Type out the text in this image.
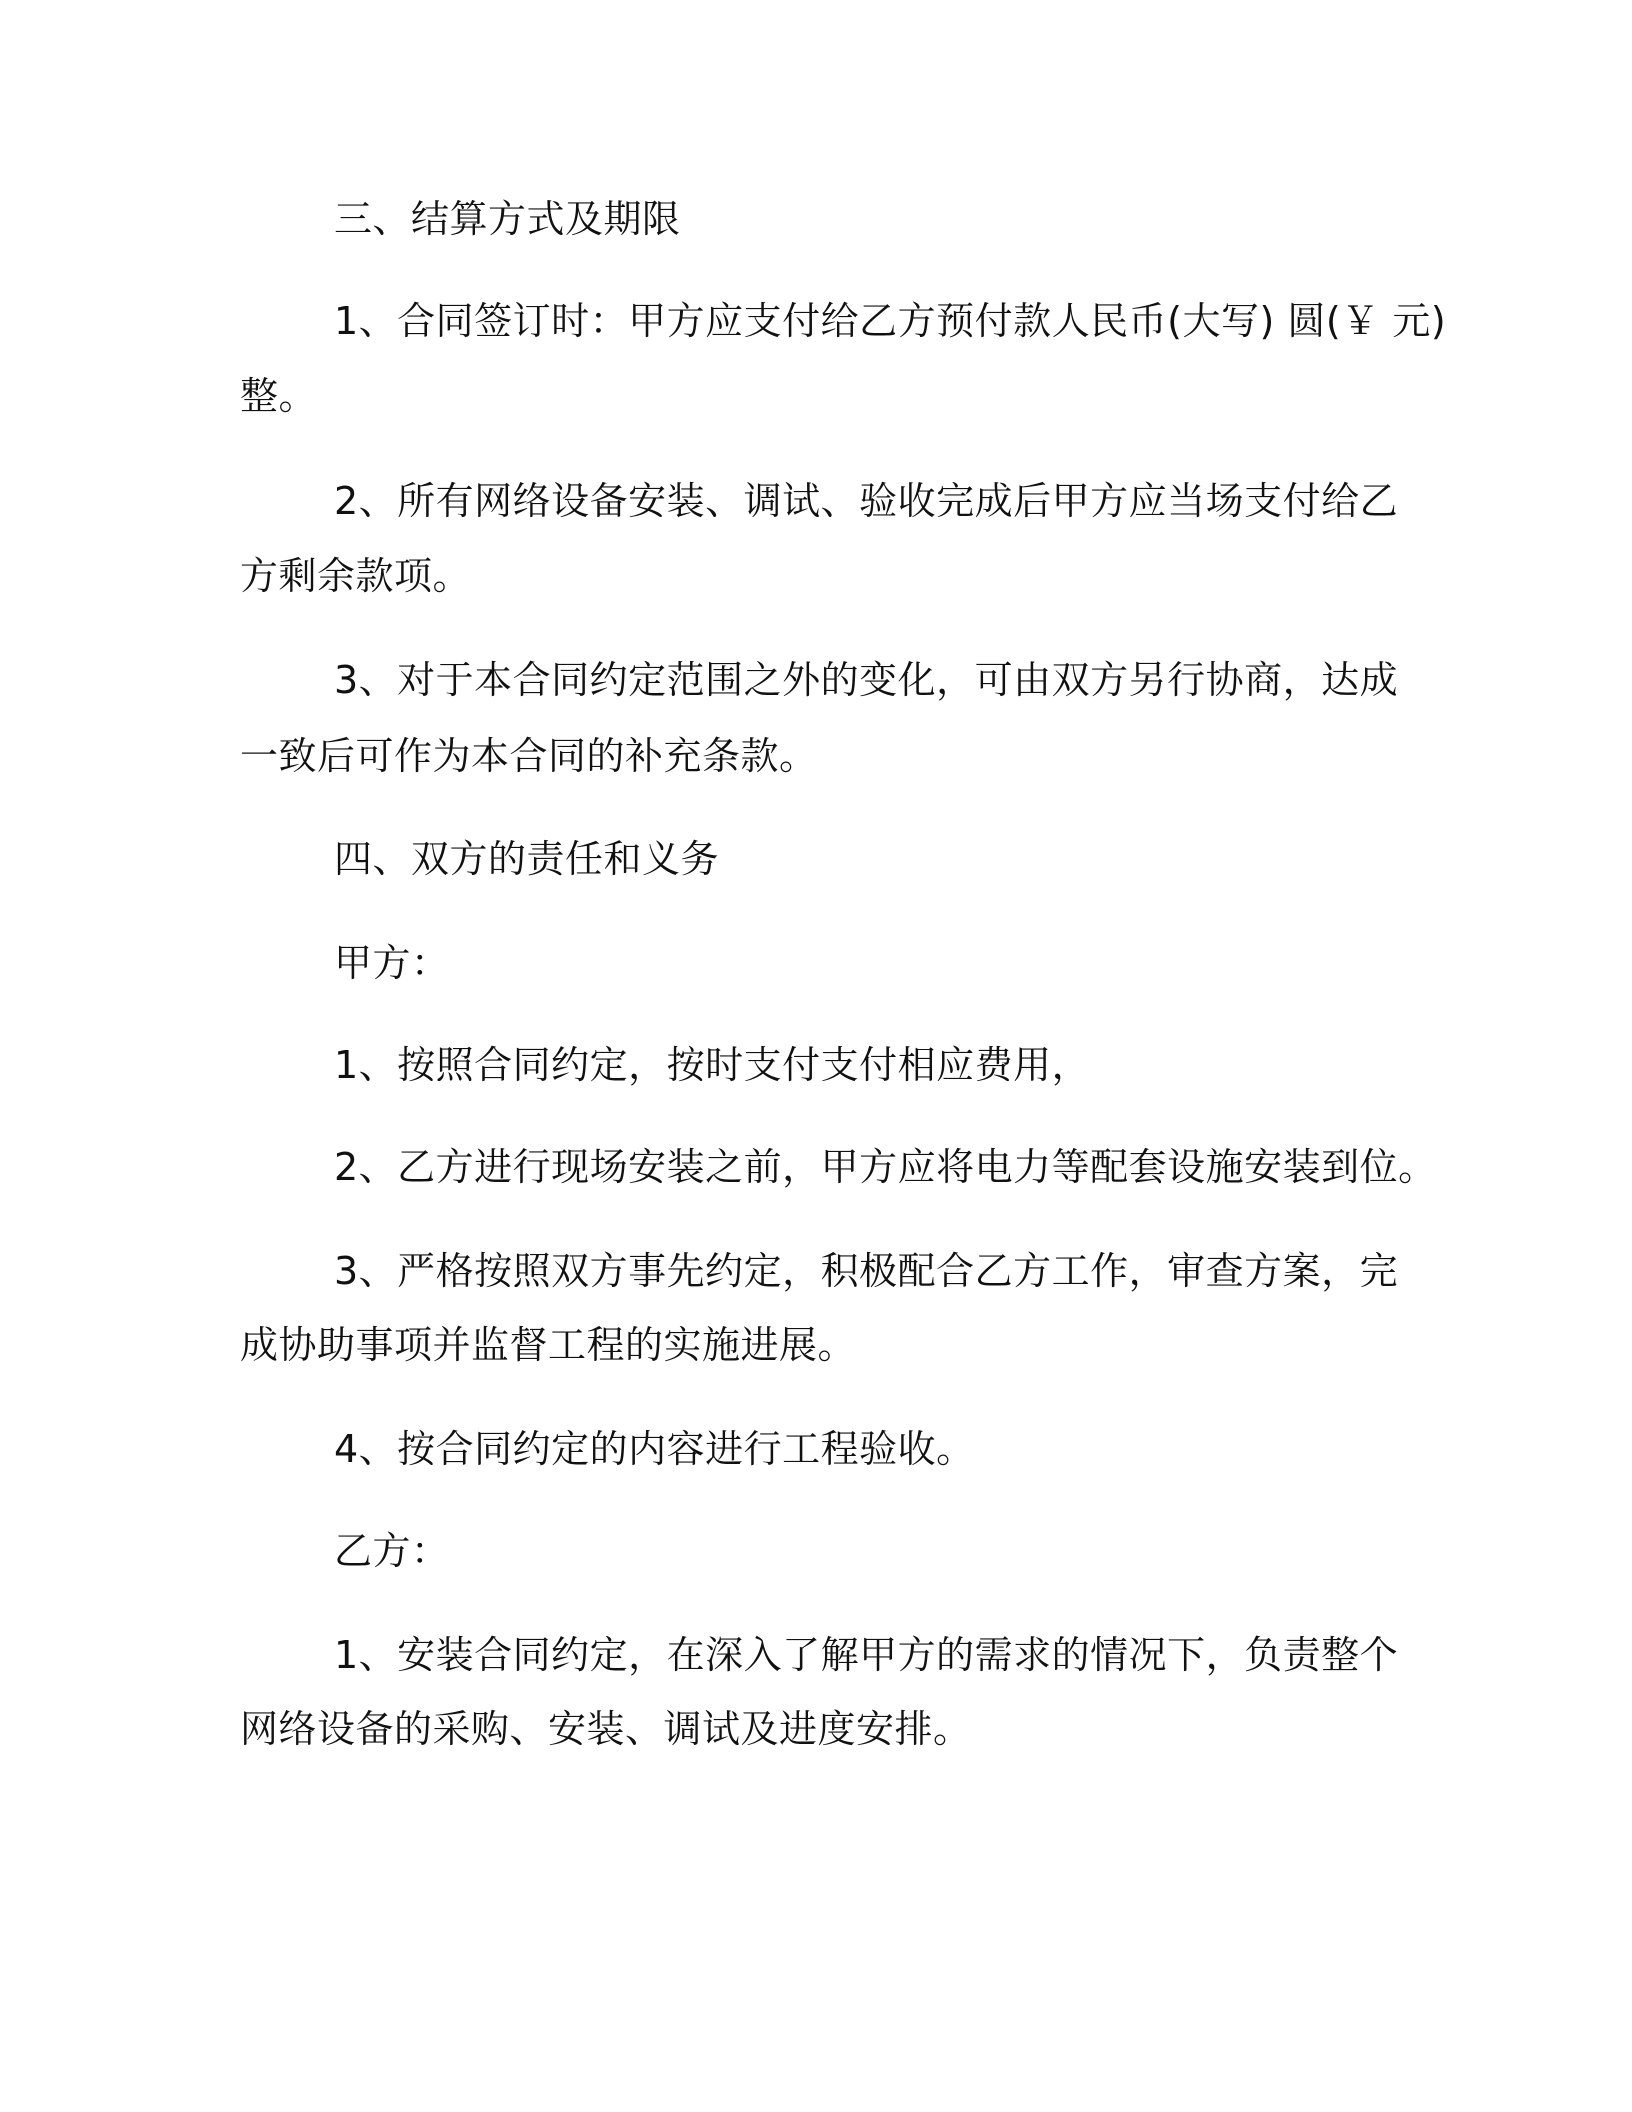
三、结算方式及期限

1、合同签订时：甲方应支付给乙方预付款人民币(大写) 圆(￥ 元)

整。

2、所有网络设备安装、调试、验收完成后甲方应当场支付给乙

方剩余款项。

3、对于本合同约定范围之外的变化，可由双方另行协商，达成

一致后可作为本合同的补充条款。

四、双方的责任和义务

甲方：

1、按照合同约定，按时支付支付相应费用，

2、乙方进行现场安装之前，甲方应将电力等配套设施安装到位。

3、严格按照双方事先约定，积极配合乙方工作，审查方案，完

成协助事项并监督工程的实施进展。

4、按合同约定的内容进行工程验收。

乙方：

1、安装合同约定，在深入了解甲方的需求的情况下，负责整个

网络设备的采购、安装、调试及进度安排。
